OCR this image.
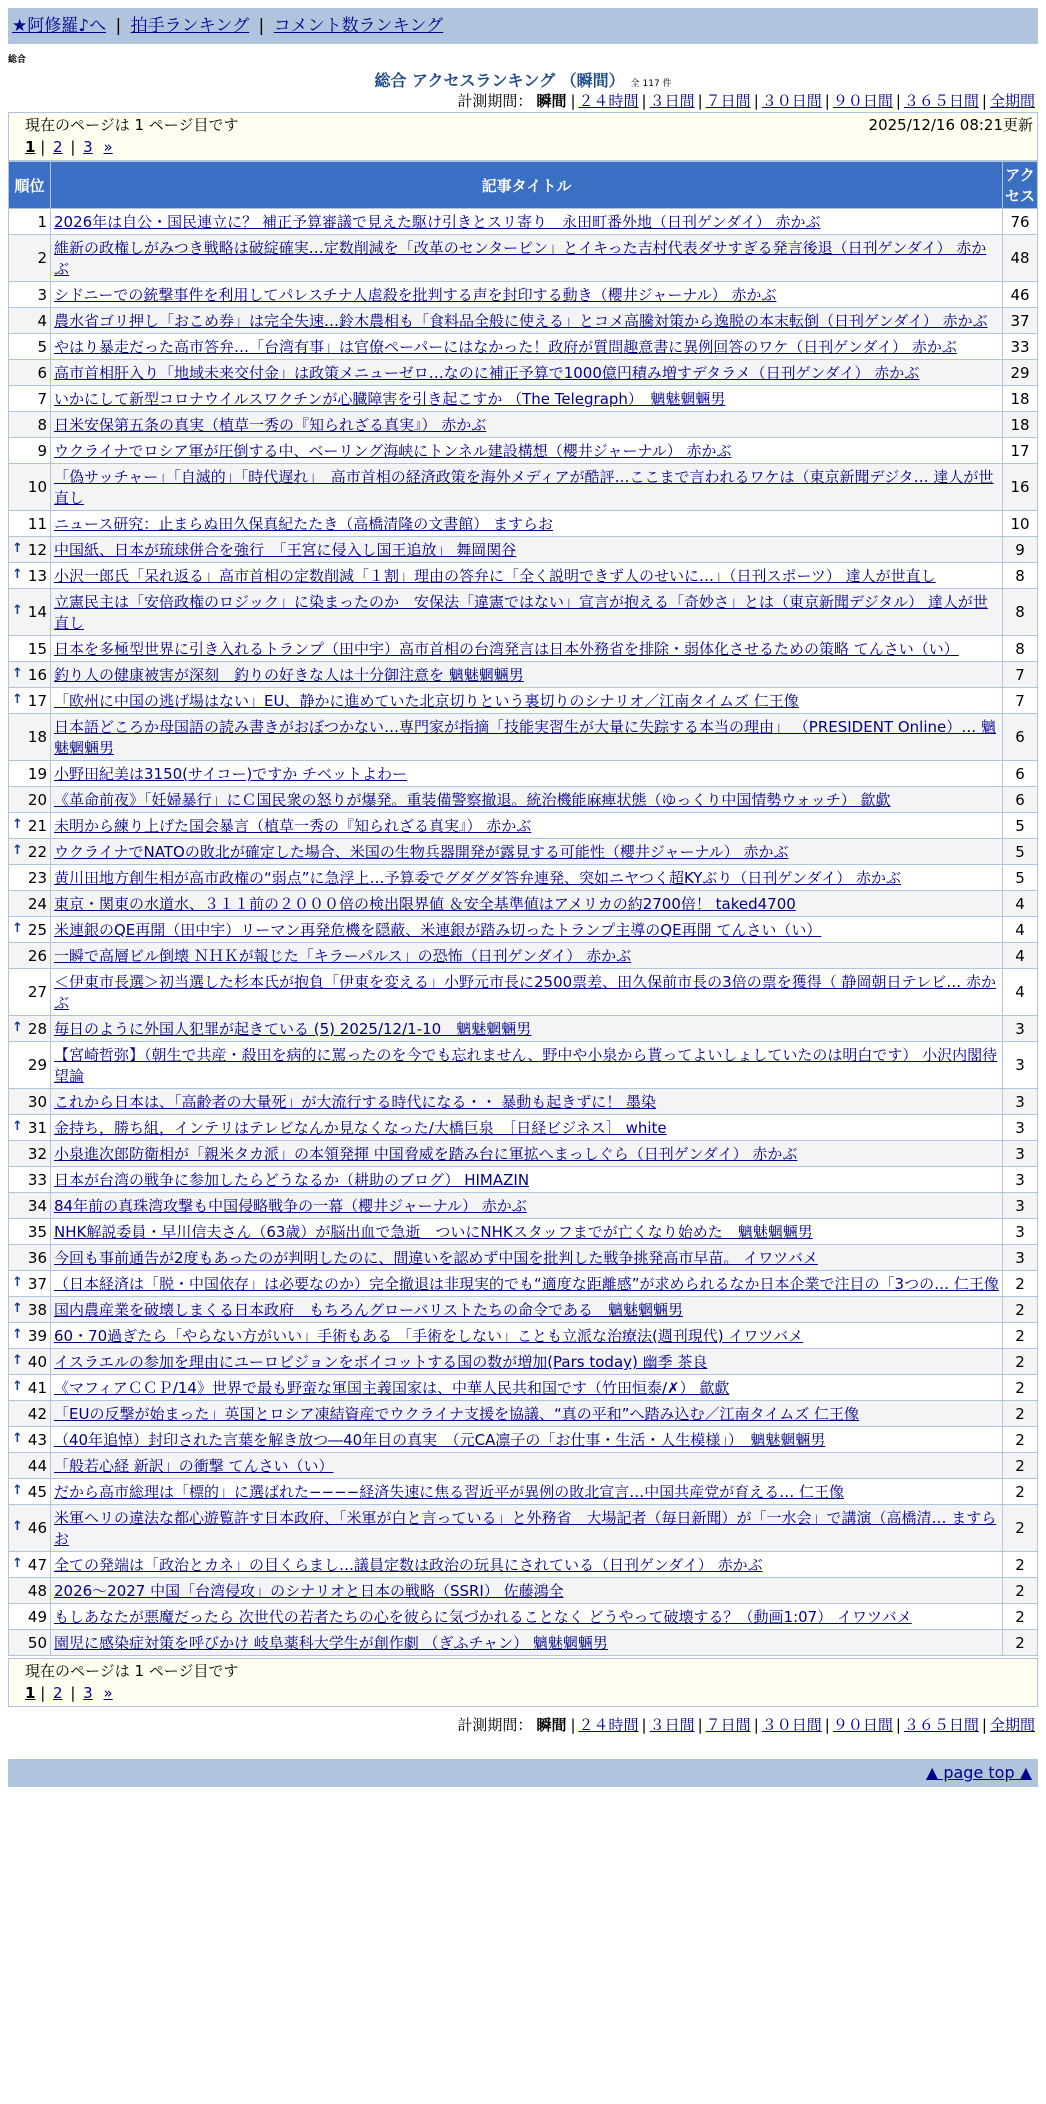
★阿修羅♪へ | 拍手ランキング | コメント数ランキング
総合
総合 アクセスランキング （瞬間） 全 117 件
計測期間： 瞬間 | ２４時間 | ３日間 | ７日間 | ３０日間 | ９０日間 | ３６５日間 | 全期間
現在のページは 1 ページ目です	2025/12/16 08:21更新
1 | 2 | 3 »
順位	記事タイトル	アクセス
1	2026年は自公・国民連立に？ 補正予算審議で見えた駆け引きとスリ寄り　永田町番外地（日刊ゲンダイ） 赤かぶ	76
2	維新の政権しがみつき戦略は破綻確実…定数削減を「改革のセンターピン」とイキった吉村代表ダサすぎる発言後退（日刊ゲンダイ） 赤かぶ	48
3	シドニーでの銃撃事件を利用してパレスチナ人虐殺を批判する声を封印する動き（櫻井ジャーナル） 赤かぶ	46
4	農水省ゴリ押し「おこめ券」は完全失速…鈴木農相も「食料品全般に使える」とコメ高騰対策から逸脱の本末転倒（日刊ゲンダイ） 赤かぶ	37
5	やはり暴走だった高市答弁…「台湾有事」は官僚ペーパーにはなかった！政府が質問趣意書に異例回答のワケ（日刊ゲンダイ） 赤かぶ	33
6	高市首相肝入り「地域未来交付金」は政策メニューゼロ…なのに補正予算で1000億円積み増すデタラメ（日刊ゲンダイ） 赤かぶ	29
7	いかにして新型コロナウイルスワクチンが心臓障害を引き起こすか （The Telegraph）　魑魅魍魎男	18
8	日米安保第五条の真実（植草一秀の『知られざる真実』） 赤かぶ	18
9	ウクライナでロシア軍が圧倒する中、ベーリング海峡にトンネル建設構想（櫻井ジャーナル） 赤かぶ	17
10	「偽サッチャー」「自滅的」「時代遅れ」　高市首相の経済政策を海外メディアが酷評…ここまで言われるワケは（東京新聞デジタ… 達人が世直し	16
11	ニュース研究：止まらぬ田久保真紀たたき（高橋清隆の文書館） ますらお	10

↑ 12	中国紙、日本が琉球併合を強行　「王宮に侵入し国王追放」 舞岡関谷	9

↑ 13	小沢一郎氏「呆れ返る」高市首相の定数削減「１割」理由の答弁に「全く説明できず人のせいに…」（日刊スポーツ） 達人が世直し	8

↑ 14	立憲民主は「安倍政権のロジック」に染まったのか　安保法「違憲ではない」宣言が抱える「奇妙さ」とは（東京新聞デジタル） 達人が世直し	8
15	日本を多極型世界に引き入れるトランプ（田中宇）高市首相の台湾発言は日本外務省を排除・弱体化させるための策略 てんさい（い）	8

↑ 16	釣り人の健康被害が深刻　釣りの好きな人は十分御注意を 魑魅魍魎男	7

↑ 17	「欧州に中国の逃げ場はない」EU、静かに進めていた北京切りという裏切りのシナリオ／江南タイムズ 仁王像	7
18	日本語どころか母国語の読み書きがおぼつかない…専門家が指摘「技能実習生が大量に失踪する本当の理由」 （PRESIDENT Online）… 魑魅魍魎男	6
19	小野田紀美は3150(サイコー)ですか チベットよわー	6
20	《革命前夜》「妊婦暴行」にＣ国民衆の怒りが爆発。重装備警察撤退。統治機能麻痺状態（ゆっくり中国情勢ウォッチ） 歙歔	6

↑ 21	未明から練り上げた国会暴言（植草一秀の『知られざる真実』） 赤かぶ	5

↑ 22	ウクライナでNATOの敗北が確定した場合、米国の生物兵器開発が露見する可能性（櫻井ジャーナル） 赤かぶ	5
23	黄川田地方創生相が高市政権の“弱点”に急浮上…予算委でグダグダ答弁連発、突如ニヤつく超KYぶり（日刊ゲンダイ） 赤かぶ	5
24	東京・関東の水道水、３１１前の２０００倍の検出限界値 ＆安全基準値はアメリカの約2700倍！ taked4700	4

↑ 25	米連銀のQE再開（田中宇）リーマン再発危機を隠蔽、米連銀が踏み切ったトランプ主導のQE再開 てんさい（い）	4
26	一瞬で高層ビル倒壊 ＮＨＫが報じた「キラーパルス」の恐怖（日刊ゲンダイ） 赤かぶ	4
27	＜伊東市長選＞初当選した杉本氏が抱負「伊東を変える」小野元市長に2500票差、田久保前市長の3倍の票を獲得（ 静岡朝日テレビ… 赤かぶ	4

↑ 28	毎日のように外国人犯罪が起きている (5) 2025/12/1-10　魑魅魍魎男	3
29	【宮崎哲弥】（朝生で共産・殺田を病的に罵ったのを今でも忘れません、野中や小泉から貰ってよいしょしていたのは明白です） 小沢内閣待望論	3
30	これから日本は、「高齢者の大量死」が大流行する時代になる・・ 暴動も起きずに！ 墨染	3

↑ 31	金持ち，勝ち組，インテリはテレビなんか見なくなった/大橋巨泉　［日経ビジネス］ white	3
32	小泉進次郎防衛相が「親米タカ派」の本領発揮 中国脅威を踏み台に軍拡へまっしぐら（日刊ゲンダイ） 赤かぶ	3
33	日本が台湾の戦争に参加したらどうなるか（耕助のブログ） HIMAZIN	3
34	84年前の真珠湾攻撃も中国侵略戦争の一幕（櫻井ジャーナル） 赤かぶ	3
35	NHK解説委員・早川信夫さん（63歳）が脳出血で急逝　ついにNHKスタッフまでが亡くなり始めた　魑魅魍魎男	3
36	今回も事前通告が2度もあったのが判明したのに、間違いを認めず中国を批判した戦争挑発高市早苗。 イワツバメ	3

↑ 37	（日本経済は「脱・中国依存」は必要なのか）完全撤退は非現実的でも“適度な距離感”が求められるなか日本企業で注目の「3つの… 仁王像	2

↑ 38	国内農産業を破壊しまくる日本政府　もちろんグローバリストたちの命令である　魑魅魍魎男	2

↑ 39	60・70過ぎたら「やらない方がいい」手術もある 「手術をしない」ことも立派な治療法(週刊現代) イワツバメ	2

↑ 40	イスラエルの参加を理由にユーロビジョンをボイコットする国の数が増加(Pars today) 幽季 茶良	2

↑ 41	《マフィアＣＣＰ/14》世界で最も野蛮な軍国主義国家は、中華人民共和国です（竹田恒泰/✗） 歙歔	2
42	「EUの反撃が始まった」英国とロシア凍結資産でウクライナ支援を協議、“真の平和”へ踏み込む／江南タイムズ 仁王像	2

↑ 43	（40年追悼）封印された言葉を解き放つ―40年目の真実　（元CA凛子の「お仕事・生活・人生模様」）　魑魅魍魎男	2
44	「般若心経 新訳」の衝撃 てんさい（い）	2

↑ 45	だから高市総理は「標的」に選ばれた−−−−経済失速に焦る習近平が異例の敗北宣言…中国共産党が育える… 仁王像	2

↑ 46	米軍ヘリの違法な都心遊覧許す日本政府、「米軍が白と言っている」と外務省　大場記者（毎日新聞）が「一水会」で講演（高橋清… ますらお	2

↑ 47	全ての発端は「政治とカネ」の目くらまし…議員定数は政治の玩具にされている（日刊ゲンダイ） 赤かぶ	2
48	2026〜2027 中国「台湾侵攻」のシナリオと日本の戦略（SSRI） 佐藤鴻全	2
49	もしあなたが悪魔だったら 次世代の若者たちの心を彼らに気づかれることなく どうやって破壊する？（動画1:07） イワツバメ	2
50	園児に感染症対策を呼びかけ 岐阜薬科大学生が創作劇 （ぎふチャン） 魑魅魍魎男	2
現在のページは 1 ページ目です
1 | 2 | 3 »
計測期間： 瞬間 | ２４時間 | ３日間 | ７日間 | ３０日間 | ９０日間 | ３６５日間 | 全期間
▲ page top ▲
